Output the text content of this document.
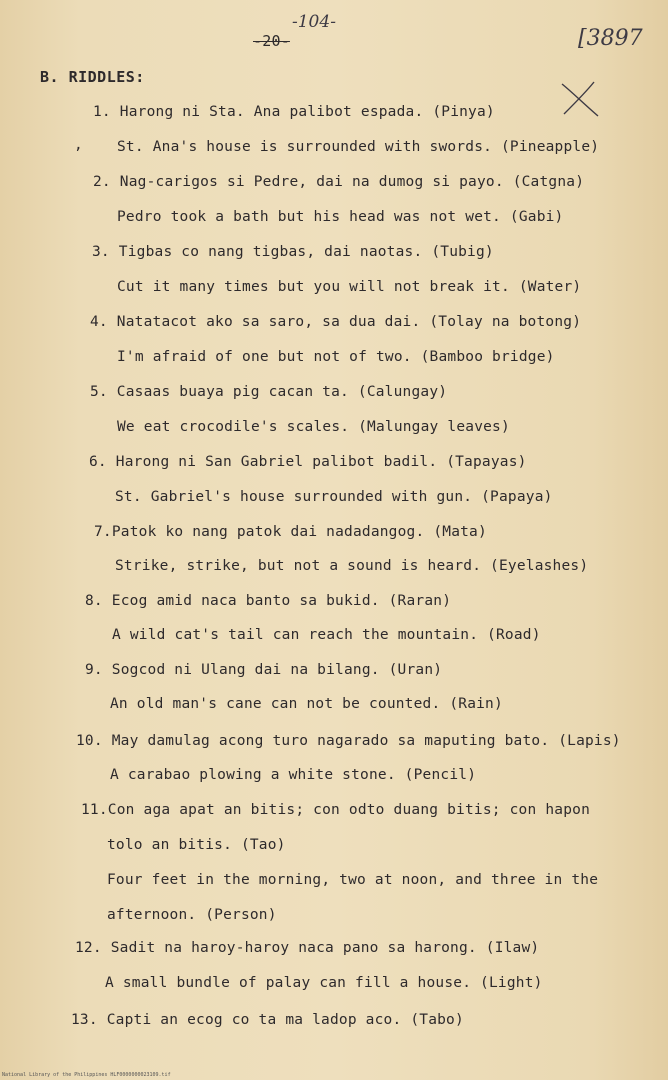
-104-
-20-	[3897
B. RIDDLES:
,
1. Harong ni Sta. Ana palibot espada. (Pinya)
St. Ana's house is surrounded with swords. (Pineapple)
2. Nag-carigos si Pedre, dai na dumog si payo. (Catgna)
Pedro took a bath but his head was not wet. (Gabi)
3. Tigbas co nang tigbas, dai naotas. (Tubig)
Cut it many times but you will not break it. (Water)
4. Natatacot ako sa saro, sa dua dai. (Tolay na botong)
I'm afraid of one but not of two. (Bamboo bridge)
5. Casaas buaya pig cacan ta. (Calungay)
We eat crocodile's scales. (Malungay leaves)
6. Harong ni San Gabriel palibot badil. (Tapayas)
St. Gabriel's house surrounded with gun. (Papaya)
7.Patok ko nang patok dai nadadangog. (Mata)
Strike, strike, but not a sound is heard. (Eyelashes)
8. Ecog amid naca banto sa bukid. (Raran)
A wild cat's tail can reach the mountain. (Road)
9. Sogcod ni Ulang dai na bilang. (Uran)
An old man's cane can not be counted. (Rain)
10. May damulag acong turo nagarado sa maputing bato. (Lapis)
A carabao plowing a white stone. (Pencil)
11.Con aga apat an bitis; con odto duang bitis; con hapon
tolo an bitis. (Tao)
Four feet in the morning, two at noon, and three in the
afternoon. (Person)
12. Sadit na haroy-haroy naca pano sa harong. (Ilaw)
A small bundle of palay can fill a house. (Light)
13. Capti an ecog co ta ma ladop aco. (Tabo)
National Library of the Philippines HLF0000000023109.tif
